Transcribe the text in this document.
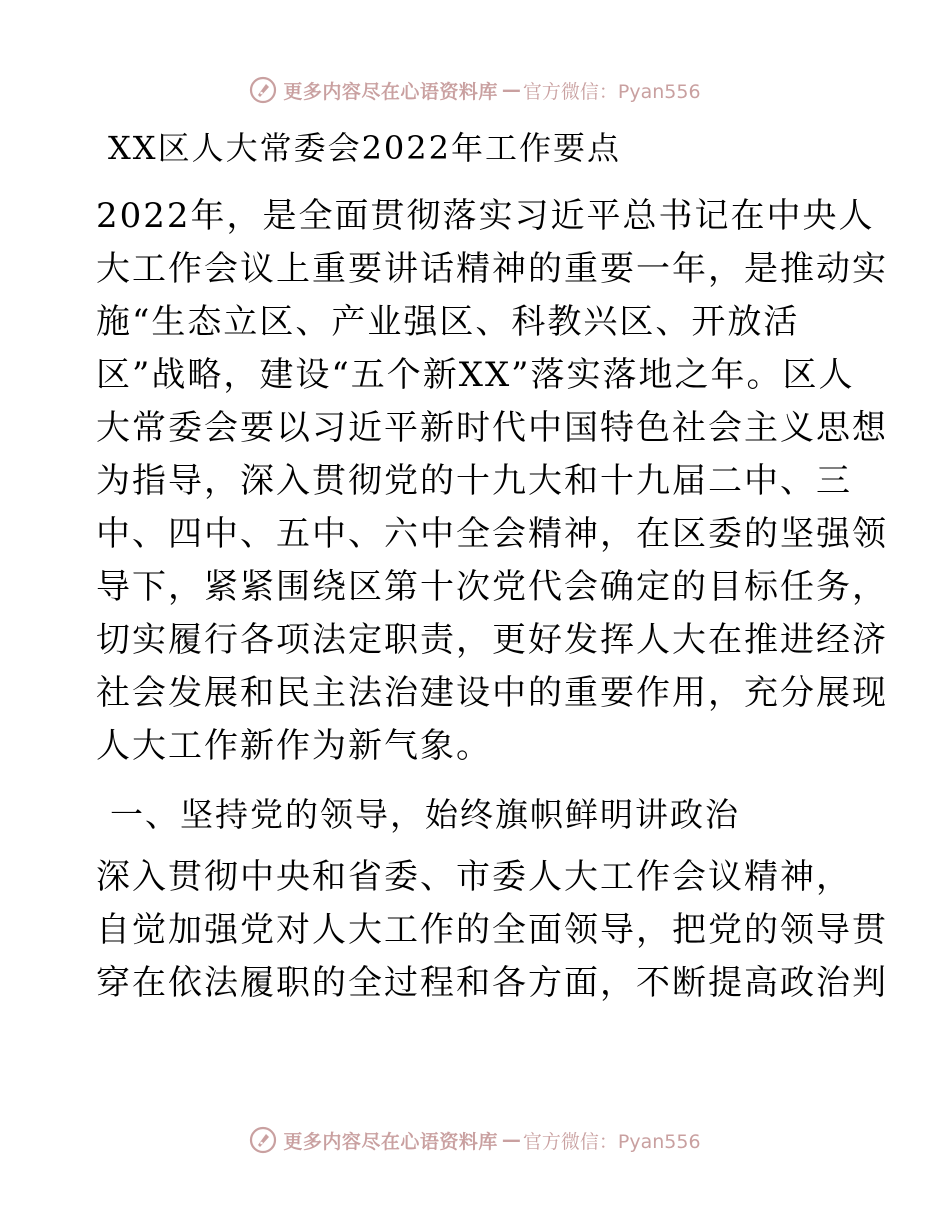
更多内容尽在心语资料库 — 官方微信：Pyan556
XX区人大常委会2022年工作要点

2022年，是全面贯彻落实习近平总书记在中央人
大工作会议上重要讲话精神的重要一年，是推动实
施“生态立区、产业强区、科教兴区、开放活
区”战略，建设“五个新XX”落实落地之年。区人
大常委会要以习近平新时代中国特色社会主义思想
为指导，深入贯彻党的十九大和十九届二中、三
中、四中、五中、六中全会精神，在区委的坚强领
导下，紧紧围绕区第十次党代会确定的目标任务，
切实履行各项法定职责，更好发挥人大在推进经济
社会发展和民主法治建设中的重要作用，充分展现
人大工作新作为新气象。

一、坚持党的领导，始终旗帜鲜明讲政治

深入贯彻中央和省委、市委人大工作会议精神，
自觉加强党对人大工作的全面领导，把党的领导贯
穿在依法履职的全过程和各方面，不断提高政治判

更多内容尽在心语资料库 — 官方微信：Pyan556
